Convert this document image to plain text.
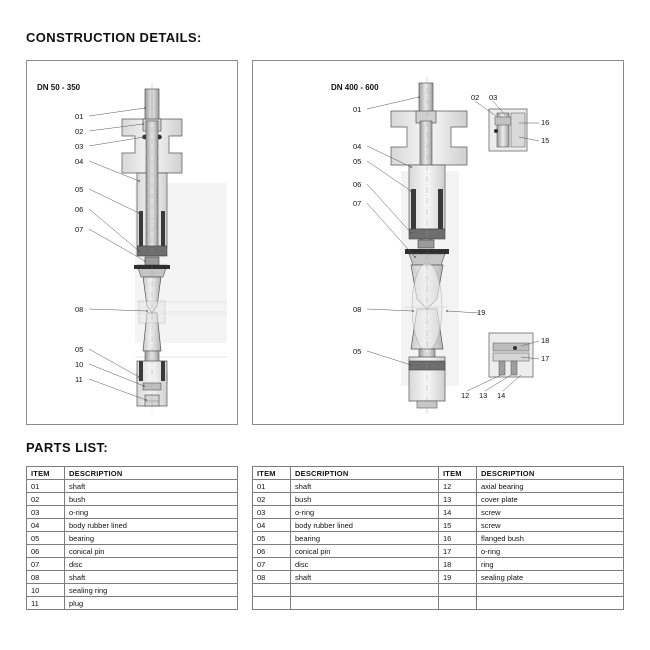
CONSTRUCTION DETAILS:
PARTS LIST:
DN 50 - 350
01
02
03
04
05
06
07
08
05
10
11
DN 400 - 600
01
04
05
06
07
08
05
02 03
16
15
19
18
17
12 13 14
ITEM	DESCRIPTION
01	shaft
02	bush
03	o-ring
04	body rubber lined
05	bearing
06	conical pin
07	disc
08	shaft
10	sealing ring
11	plug
ITEM	DESCRIPTION	ITEM	DESCRIPTION
01	shaft	12	axial bearing
02	bush	13	cover plate
03	o-ring	14	screw
04	body rubber lined	15	screw
05	bearing	16	flanged bush
06	conical pin	17	o-ring
07	disc	18	ring
08	shaft	19	sealing plate
